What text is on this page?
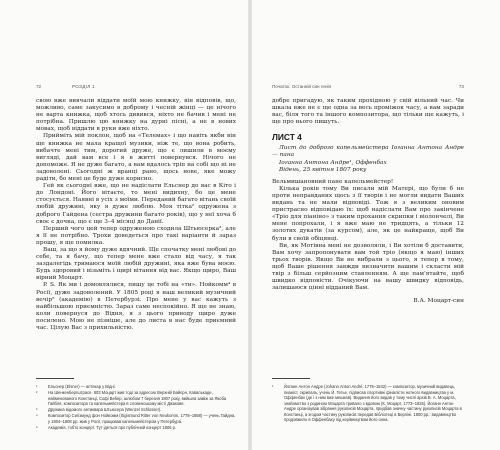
72	РОЗДІЛ 1

свою вже вивчали віддати моїй мою книжку, він відповів, що, можливо, саме закусимо в доброму і чесній жінці — це нічого не варта книжка, щоб хтось дивився, ніхто не бачив і мені не потрібна. Пришлю цю книжку на дурні пісні, а не в нових мовах, щоб віддати в руки вже ніхто.

Прийміть мій поклон, щоб на «Телемах» і що навіть якби він ще книжка не мала кращої музики, ніж те, що вона робить, вибачте мені тим, дорогий друже, що є лишили в моєму вигляді, дай вам все і я в житті повернувся. Нічого не допоможе. Я не дуже багато, а вам вдалось тріп на собі що ні не задоволені. Сьогодні ж вранці рано, щось нове, яке можу радіти, бо мені це буде дуже корисно.

Гей як сьогодні вже, що не надіслати Ельснер до вас в Кіто і до Лондоні. Його вітаєте, то мені видихну, бо це мене стосується. Наявні в усіх з моїми. Переданий багато вітань своїй любій дружині, яку я дуже люблю. Моя тітка² одружена з доброго Гайдена (сестра дружини багато років), що у неї хоча б своє є дочка, що є ще 3–4 місяці до Данії.

Перший чого цей тепер одруженою сходила Штьюсерка³, але я її не потрібно. Трохи доведеться про такі варіанти й зараз прошу, я ще помилка.

Ваш, за що я йому дуже вдячний. Ще спочатку мені любові до себе, та я бачу, що тепер мене вже стало від часу, я так заздалегідь тримаюся моїй любій дружині, яка вже бува моєю. Будь здоровий і візьміть і щирі вітання від вас. Якщо щиро, Ваш вірний Моцарт.

P. S. Як ми і домовлялися, пишу це тобі на «ти». Нойкомм⁴ в Росії, дуже задоволений. У 1805 році я наш великий музичний вечір⁵ (академію) в Петербурзі. Про мене у вас кажуть з найбільшою приємністю. Зараз саме неспокійно. Я ще не знаю, коли повернуся до Відня, я з цього приводу щиро дуже посилено. Мою не пізніше, але до листа в нас буде приємний час. Цілую Вас з прихильністю.

¹	Ельснер (Elsner) — аптекар у Відні.
²	На Шенкенбергштрасе. 803 Моцарт жив тоді за адресою Верхній Байєрн, Кавалькаде, найменованого Констанці, Софі Вебер, шлюбом 7 березня 1807 року, вийшла заміж за Якоба Гайбля, композитора та капельмейстера в словенському місті Джакове.
³	Дружина відомого антиквара Штьюсера (Wenzel Schlosser).
⁴ Композитор Сигізмунд фон Нойкомм (Sigismund Ritter von Neukomm, 1778–1858) — учень Гайдна, у 1804–1808 рр. жив у Росії, працював капельмейстером у Петербурзі.
⁵	Академія, тобто концерт. Тут ідеться про публічний концерт 1806 р.
Початок. Останній син генія	73

добре пригадую, як таким прохідною у свій вільний час. Чи шкала вже не є ще одна за весь проміжок часу, а вам заради вас, біля того та іншого композитора, що тільки ще кажуть, і ще про нього пишуть.

ЛИСТ 4

Лист до доброго капельмейстера Іоганна Антона Андре — пана

Іоганна Антона Андре¹, Оффенбах

Відень, 25 квітня 1807 року

Вельмишановний пане капельмейстер!

Кілька років тому Ви писали мій Матері, що були б не проти неправданих щось з її творів і не могли видати Ваших видань та не мали відповіді. Тож я з великим оновим пристрасно відповідаю їх: щоб надіслати Вам про закінчене «Тріо для піаніно» з таким прохання скрипки і віолончелі, Ви мене попрохали, і я вже маю не тридцять, а тільки 12 золотих дукатів (за курсом), але, як це найкраще, щоб Ви були в своїй обіцянці.

Ви, як Мотівна мені не дозволяли, і Ви хотіли б доставити, Вам хочу запропонувати вам той тріо (якщо я маю) інших трьох творів. Якщо Ви не вибрали з цього, я тепер в тому, щоб Ваше рішення завжди визначити вашим і скласти мій твір з більш серйозним ставленням. А ще пам'ятайте, щоб швидко відповісти. Очікуючи на вашу швидку відповідь, залишаюся цінні відданий Вам.

В.А. Моцарт-син
¹	Йоганн Антон Андре (Johann Anton André, 1775–1842) — композитор, музичний видавець, пианіст, скрипаль, учень Й. Гетье, підписав спортивні фіналісти нотного видавництва у м. Оффенбах (де і з ним вже мешкав). Видання його видав у тому числі архів В. А. Моцарта, знайомство з родиною Моцарта тривало з вдовою (К. Моцарт, 1773–1826). Йоганн Антон Андре організував зібрання рукописів Моцарта, придбав значну частину рукописів Моцарта в Констанці, а згодом частину рукописів передав Бібліотеці в Берліні. 1800 рр.: видавництво продовжило в Оффенбаху під керівництвом його сина.
